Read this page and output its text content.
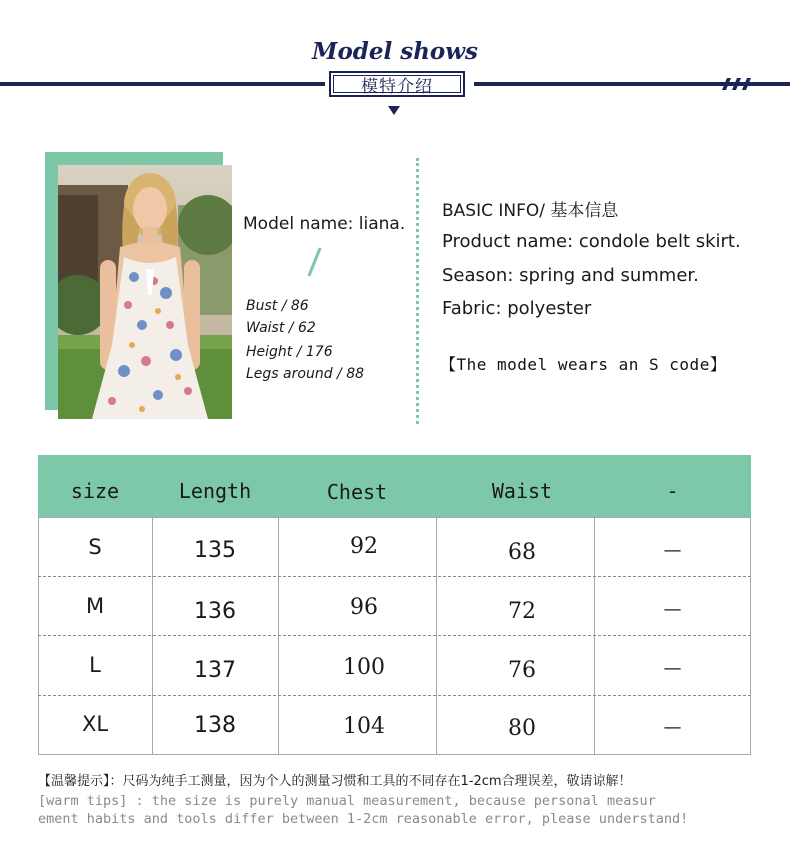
Model shows
模特介绍
Model name: liana.
Bust / 86
Waist / 62
Height / 176
Legs around / 88
BASIC INFO/ 基本信息
Product name: condole belt skirt.
Season: spring and summer.
Fabric: polyester
【The model wears an S code】
size	Length	Chest	Waist	-
S	135	92	68	—
M	136	96	72	—
L	137	100	76	—
XL	138	104	80	—
【温馨提示】：尺码为纯手工测量，因为个人的测量习惯和工具的不同存在1-2cm合理误差，敬请谅解！
[warm tips] : the size is purely manual measurement, because personal measur
ement habits and tools differ between 1-2cm reasonable error, please understand!
